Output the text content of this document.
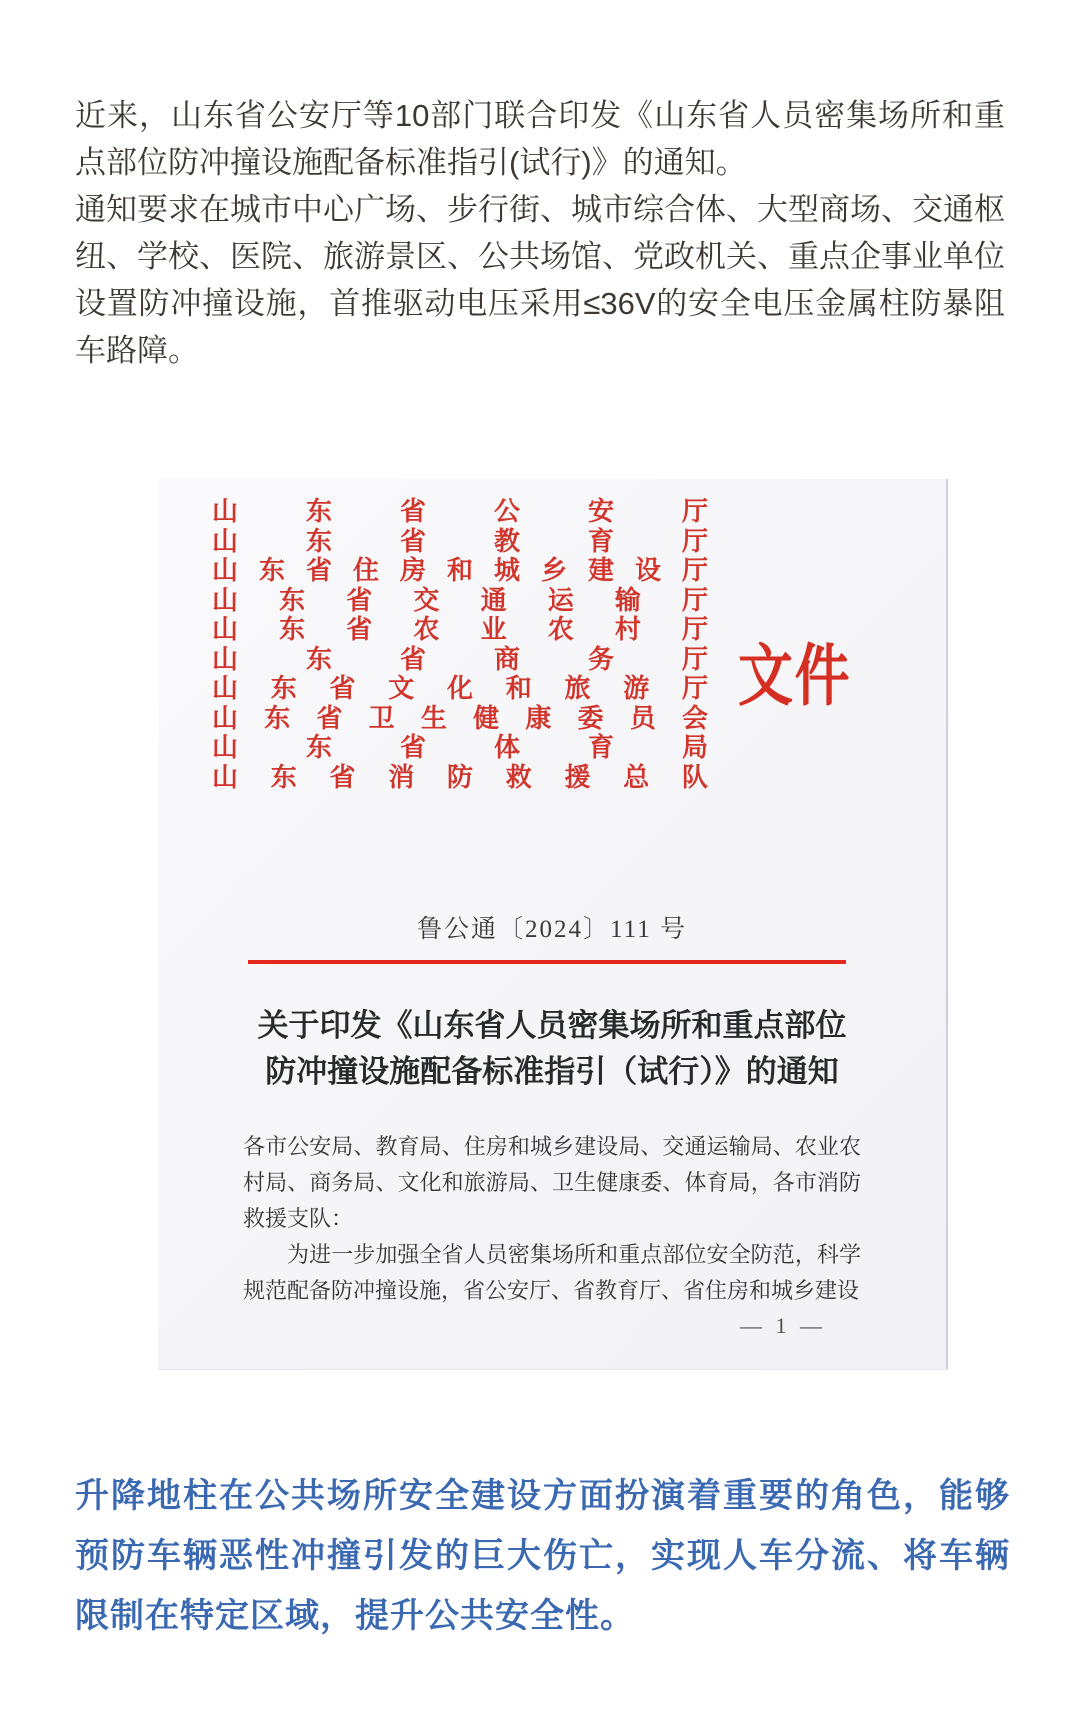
近来，山东省公安厅等10部门联合印发《山东省人员密集场所和重点部位防冲撞设施配备标准指引(试行)》的通知。

通知要求在城市中心广场、步行街、城市综合体、大型商场、交通枢纽、学校、医院、旅游景区、公共场馆、党政机关、重点企事业单位设置防冲撞设施，首推驱动电压采用≤36V的安全电压金属柱防暴阻车路障。

山东省公安厅
山东省教育厅
山东省住房和城乡建设厅
山东省交通运输厅
山东省农业农村厅
山东省商务厅
山东省文化和旅游厅
山东省卫生健康委员会
山东省体育局
山东省消防救援总队
文件
鲁公通〔2024〕111 号
关于印发《山东省人员密集场所和重点部位
防冲撞设施配备标准指引（试行）》的通知
各市公安局、教育局、住房和城乡建设局、交通运输局、农业农村局、商务局、文化和旅游局、卫生健康委、体育局，各市消防救援支队：
为进一步加强全省人员密集场所和重点部位安全防范，科学规范配备防冲撞设施，省公安厅、省教育厅、省住房和城乡建设
— 1 —
升降地柱在公共场所安全建设方面扮演着重要的角色，能够预防车辆恶性冲撞引发的巨大伤亡，实现人车分流、将车辆限制在特定区域，提升公共安全性。
